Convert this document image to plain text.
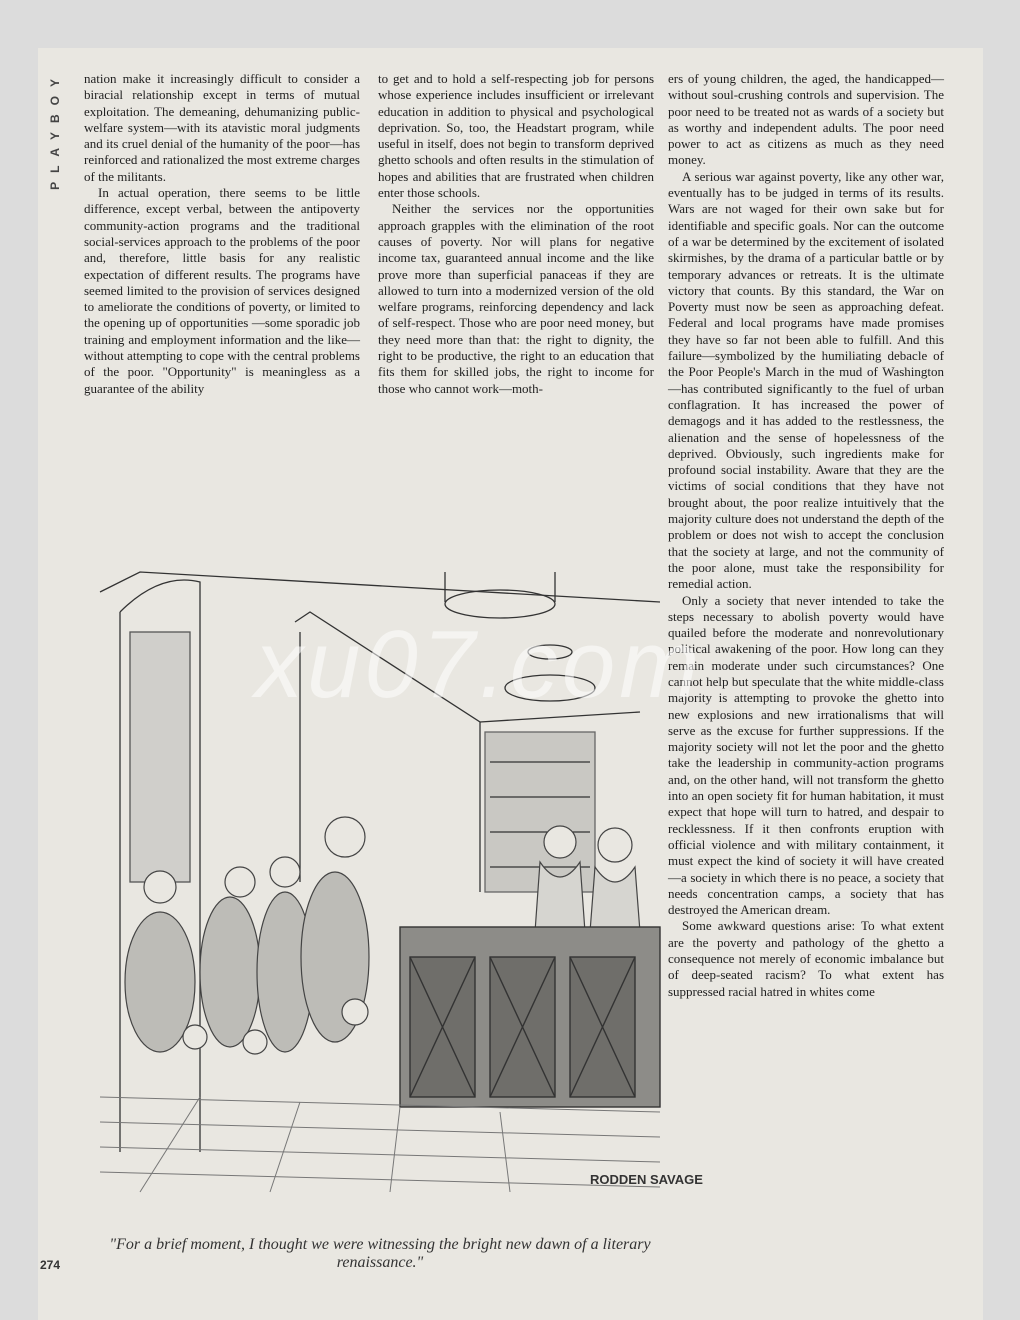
PLAYBOY nation make it increasingly difficult to consider a biracial relationship except in terms of mutual exploitation. The demeaning, dehumanizing public-welfare system—with its atavistic moral judgments and its cruel denial of the humanity of the poor—has reinforced and rationalized the most extreme charges of the militants.

In actual operation, there seems to be little difference, except verbal, between the antipoverty community-action programs and the traditional social-services approach to the problems of the poor and, therefore, little basis for any realistic expectation of different results. The programs have seemed limited to the provision of services designed to ameliorate the conditions of poverty, or limited to the opening up of opportunities —some sporadic job training and employment information and the like—without attempting to cope with the central problems of the poor. "Opportunity" is meaningless as a guarantee of the ability

to get and to hold a self-respecting job for persons whose experience includes insufficient or irrelevant education in addition to physical and psychological deprivation. So, too, the Headstart program, while useful in itself, does not begin to transform deprived ghetto schools and often results in the stimulation of hopes and abilities that are frustrated when children enter those schools.

Neither the services nor the opportunities approach grapples with the elimination of the root causes of poverty. Nor will plans for negative income tax, guaranteed annual income and the like prove more than superficial panaceas if they are allowed to turn into a modernized version of the old welfare programs, reinforcing dependency and lack of self-respect. Those who are poor need money, but they need more than that: the right to dignity, the right to be productive, the right to an education that fits them for skilled jobs, the right to income for those who cannot work—moth-

ers of young children, the aged, the handicapped—without soul-crushing controls and supervision. The poor need to be treated not as wards of a society but as worthy and independent adults. The poor need power to act as citizens as much as they need money.

A serious war against poverty, like any other war, eventually has to be judged in terms of its results. Wars are not waged for their own sake but for identifiable and specific goals. Nor can the outcome of a war be determined by the excitement of isolated skirmishes, by the drama of a particular battle or by temporary advances or retreats. It is the ultimate victory that counts. By this standard, the War on Poverty must now be seen as approaching defeat. Federal and local programs have made promises they have so far not been able to fulfill. And this failure—symbolized by the humiliating debacle of the Poor People's March in the mud of Washington—has contributed significantly to the fuel of urban conflagration. It has increased the power of demagogs and it has added to the restlessness, the alienation and the sense of hopelessness of the deprived. Obviously, such ingredients make for profound social instability. Aware that they are the victims of social conditions that they have not brought about, the poor realize intuitively that the majority culture does not understand the depth of the problem or does not wish to accept the conclusion that the society at large, and not the community of the poor alone, must take the responsibility for remedial action.

Only a society that never intended to take the steps necessary to abolish poverty would have quailed before the moderate and nonrevolutionary political awakening of the poor. How long can they remain moderate under such circumstances? One cannot help but speculate that the white middle-class majority is attempting to provoke the ghetto into new explosions and new irrationalisms that will serve as the excuse for further suppressions. If the majority society will not let the poor and the ghetto take the leadership in community-action programs and, on the other hand, will not transform the ghetto into an open society fit for human habitation, it must expect that hope will turn to hatred, and despair to recklessness. If it then confronts eruption with official violence and with military containment, it must expect the kind of society it will have created—a society in which there is no peace, a society that needs concentration camps, a society that has destroyed the American dream.

Some awkward questions arise: To what extent are the poverty and pathology of the ghetto a consequence not merely of economic imbalance but of deep-seated racism? To what extent has suppressed racial hatred in whites come

RODDEN SAVAGE
"For a brief moment, I thought we were witnessing the bright new dawn of a literary renaissance."
274
xu07.com
